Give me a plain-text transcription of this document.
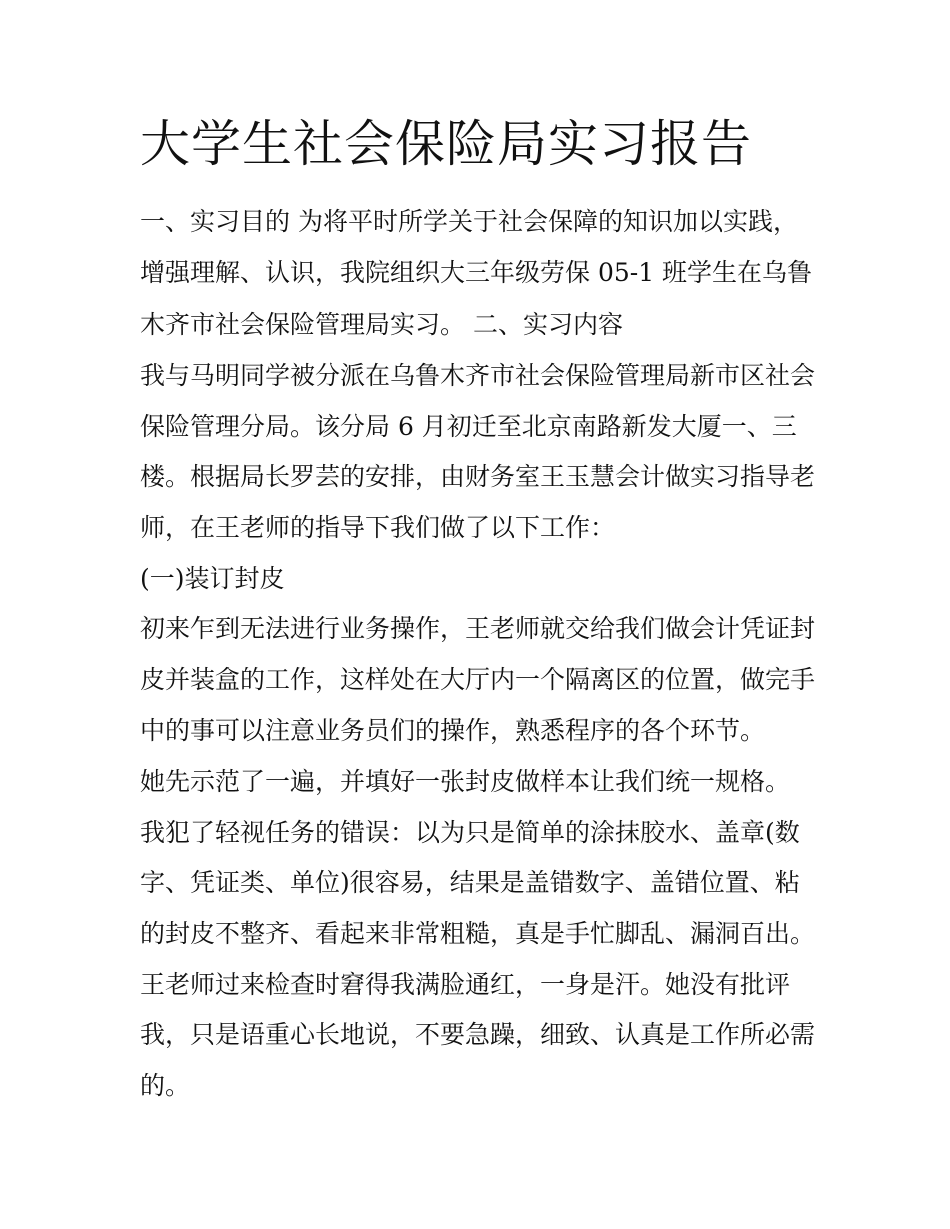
大学生社会保险局实习报告

一、实习目的 为将平时所学关于社会保障的知识加以实践，

增强理解、认识，我院组织大三年级劳保 05-1 班学生在乌鲁

木齐市社会保险管理局实习。 二、实习内容

我与马明同学被分派在乌鲁木齐市社会保险管理局新市区社会

保险管理分局。该分局 6 月初迁至北京南路新发大厦一、三

楼。根据局长罗芸的安排，由财务室王玉慧会计做实习指导老

师，在王老师的指导下我们做了以下工作：

(一)装订封皮

初来乍到无法进行业务操作，王老师就交给我们做会计凭证封

皮并装盒的工作，这样处在大厅内一个隔离区的位置，做完手

中的事可以注意业务员们的操作，熟悉程序的各个环节。

她先示范了一遍，并填好一张封皮做样本让我们统一规格。

我犯了轻视任务的错误：以为只是简单的涂抹胶水、盖章(数

字、凭证类、单位)很容易，结果是盖错数字、盖错位置、粘

的封皮不整齐、看起来非常粗糙，真是手忙脚乱、漏洞百出。

王老师过来检查时窘得我满脸通红，一身是汗。她没有批评

我，只是语重心长地说，不要急躁，细致、认真是工作所必需

的。
